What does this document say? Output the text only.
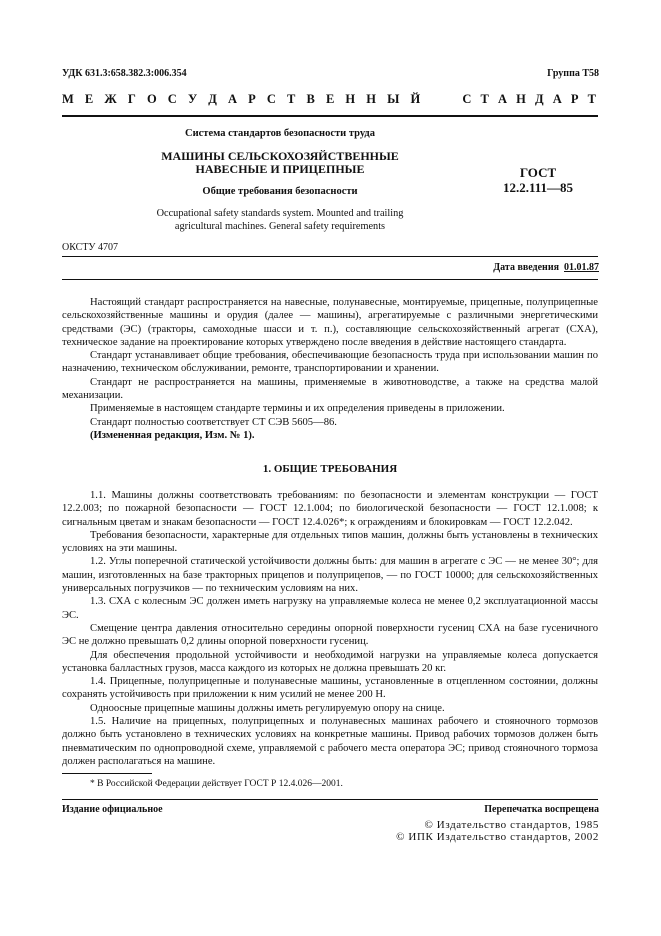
УДК 631.3:658.382.3:006.354	Группа Т58
М Е Ж Г О С У Д А Р С Т В Е Н Н Ы Й	С Т А Н Д А Р Т
Система стандартов безопасности труда
МАШИНЫ СЕЛЬСКОХОЗЯЙСТВЕННЫЕ
НАВЕСНЫЕ И ПРИЦЕПНЫЕ
Общие требования безопасности
Occupational safety standards system. Mounted and trailing
agricultural machines. General safety requirements
ГОСТ
12.2.111—85
ОКСТУ 4707
Дата введения 01.01.87
Настоящий стандарт распространяется на навесные, полунавесные, монтируемые, прицепные, полуприцепные сельскохозяйственные машины и орудия (далее — машины), агрегатируемые с различными энергетическими средствами (ЭС) (тракторы, самоходные шасси и т. п.), составляющие сельскохозяйственный агрегат (СХА), техническое задание на проектирование которых утверждено после введения в действие настоящего стандарта.
Стандарт устанавливает общие требования, обеспечивающие безопасность труда при использовании машин по назначению, техническом обслуживании, ремонте, транспортировании и хранении.
Стандарт не распространяется на машины, применяемые в животноводстве, а также на средства малой механизации.
Применяемые в настоящем стандарте термины и их определения приведены в приложении.
Стандарт полностью соответствует СТ СЭВ 5605—86.
(Измененная редакция, Изм. № 1).
1. ОБЩИЕ ТРЕБОВАНИЯ
1.1. Машины должны соответствовать требованиям: по безопасности и элементам конструкции — ГОСТ 12.2.003; по пожарной безопасности — ГОСТ 12.1.004; по биологической безопасности — ГОСТ 12.1.008; к сигнальным цветам и знакам безопасности — ГОСТ 12.4.026*; к ограждениям и блокировкам — ГОСТ 12.2.042.
Требования безопасности, характерные для отдельных типов машин, должны быть установлены в технических условиях на эти машины.
1.2. Углы поперечной статической устойчивости должны быть: для машин в агрегате с ЭС — не менее 30°; для машин, изготовленных на базе тракторных прицепов и полуприцепов, — по ГОСТ 10000; для сельскохозяйственных универсальных погрузчиков — по техническим условиям на них.
1.3. СХА с колесным ЭС должен иметь нагрузку на управляемые колеса не менее 0,2 эксплуатационной массы ЭС.
Смещение центра давления относительно середины опорной поверхности гусениц СХА на базе гусеничного ЭС не должно превышать 0,2 длины опорной поверхности гусениц.
Для обеспечения продольной устойчивости и необходимой нагрузки на управляемые колеса допускается установка балластных грузов, масса каждого из которых не должна превышать 20 кг.
1.4. Прицепные, полуприцепные и полунавесные машины, установленные в отцепленном состоянии, должны сохранять устойчивость при приложении к ним усилий не менее 200 Н.
Одноосные прицепные машины должны иметь регулируемую опору на снице.
1.5. Наличие на прицепных, полуприцепных и полунавесных машинах рабочего и стояночного тормозов должно быть установлено в технических условиях на конкретные машины. Привод рабочих тормозов должен быть пневматическим по однопроводной схеме, управляемой с рабочего места оператора ЭС; привод стояночного тормоза должен располагаться на машине.
* В Российской Федерации действует ГОСТ Р 12.4.026—2001.
Издание официальное	Перепечатка воспрещена
© Издательство стандартов, 1985
© ИПК Издательство стандартов, 2002
